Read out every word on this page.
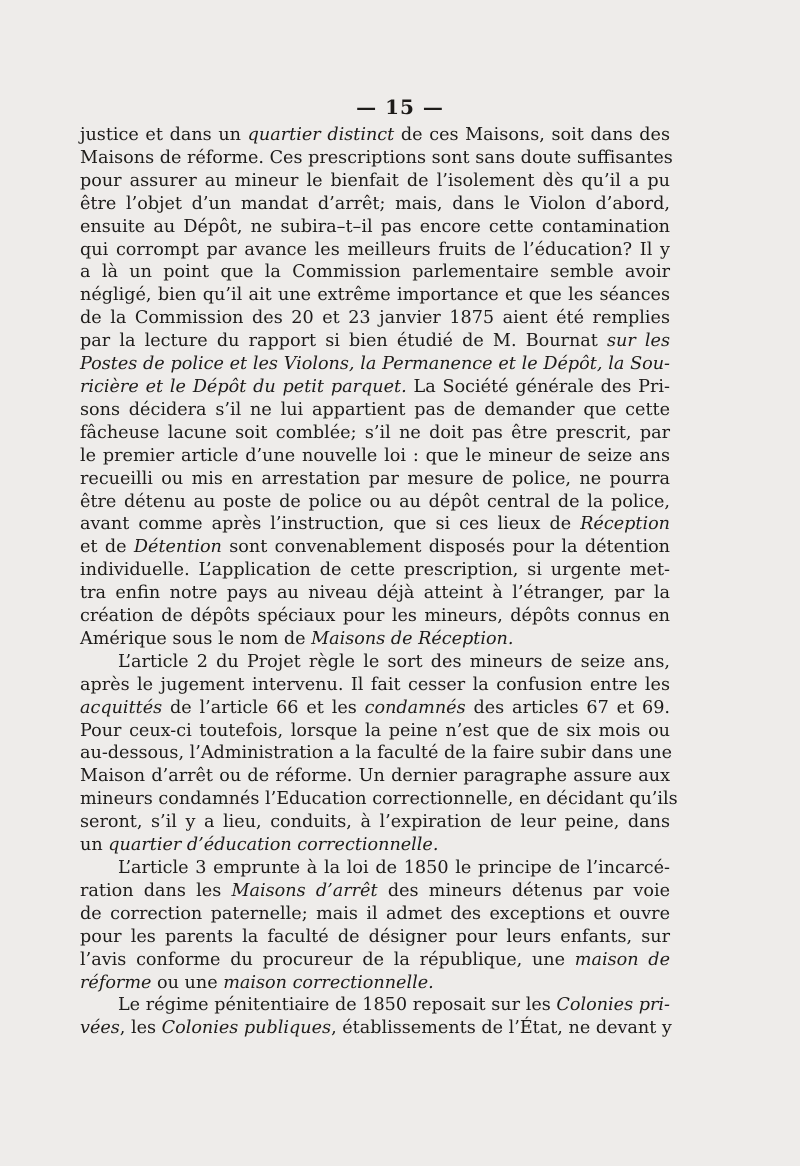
— 15 —
justice et dans un quartier distinct de ces Maisons, soit dans des
Maisons de réforme. Ces prescriptions sont sans doute suffisantes
pour assurer au mineur le bienfait de l’isolement dès qu’il a pu
être l’objet d’un mandat d’arrêt; mais, dans le Violon d’abord,
ensuite au Dépôt, ne subira–t–il pas encore cette contamination
qui corrompt par avance les meilleurs fruits de l’éducation? Il y
a là un point que la Commission parlementaire semble avoir
négligé, bien qu’il ait une extrême importance et que les séances
de la Commission des 20 et 23 janvier 1875 aient été remplies
par la lecture du rapport si bien étudié de M. Bournat sur les
Postes de police et les Violons, la Permanence et le Dépôt, la Sou-
ricière et le Dépôt du petit parquet. La Société générale des Pri-
sons décidera s’il ne lui appartient pas de demander que cette
fâcheuse lacune soit comblée; s’il ne doit pas être prescrit, par
le premier article d’une nouvelle loi : que le mineur de seize ans
recueilli ou mis en arrestation par mesure de police, ne pourra
être détenu au poste de police ou au dépôt central de la police,
avant comme après l’instruction, que si ces lieux de Réception
et de Détention sont convenablement disposés pour la détention
individuelle. L’application de cette prescription, si urgente met-
tra enfin notre pays au niveau déjà atteint à l’étranger, par la
création de dépôts spéciaux pour les mineurs, dépôts connus en
Amérique sous le nom de Maisons de Réception.
L’article 2 du Projet règle le sort des mineurs de seize ans,
après le jugement intervenu. Il fait cesser la confusion entre les
acquittés de l’article 66 et les condamnés des articles 67 et 69.
Pour ceux-ci toutefois, lorsque la peine n’est que de six mois ou
au-dessous, l’Administration a la faculté de la faire subir dans une
Maison d’arrêt ou de réforme. Un dernier paragraphe assure aux
mineurs condamnés l’Education correctionnelle, en décidant qu’ils
seront, s’il y a lieu, conduits, à l’expiration de leur peine, dans
un quartier d’éducation correctionnelle.
L’article 3 emprunte à la loi de 1850 le principe de l’incarcé-
ration dans les Maisons d’arrêt des mineurs détenus par voie
de correction paternelle; mais il admet des exceptions et ouvre
pour les parents la faculté de désigner pour leurs enfants, sur
l’avis conforme du procureur de la république, une maison de
réforme ou une maison correctionnelle.
Le régime pénitentiaire de 1850 reposait sur les Colonies pri-
vées, les Colonies publiques, établissements de l’État, ne devant y
